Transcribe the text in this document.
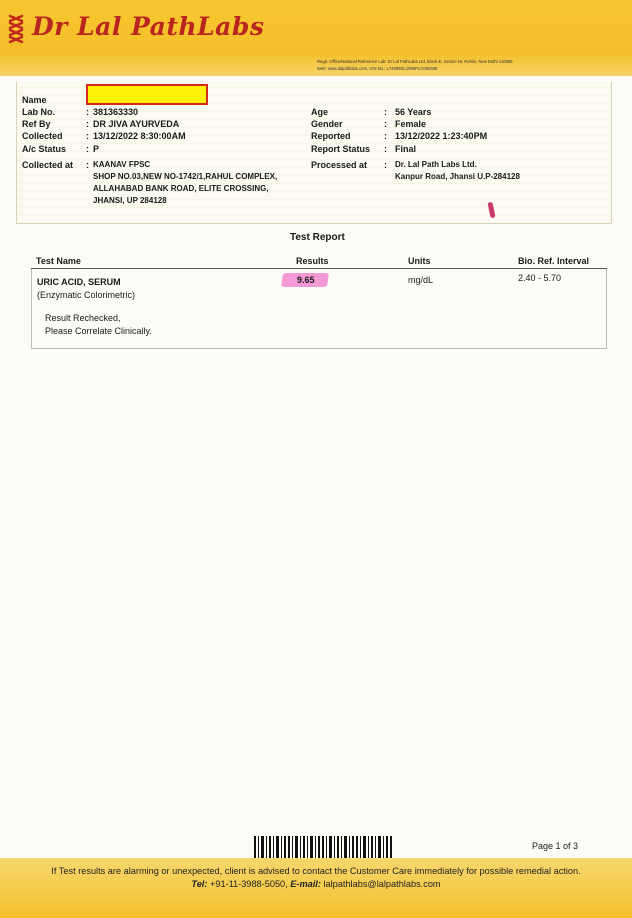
Dr Lal PathLabs
Regd. Office/National Reference Lab: Dr Lal PathLabs Ltd, Block-E, Sector-18, Rohini, New Delhi-110085
Web: www.lalpathlabs.com, CIN No.: L74899DL1995PLC065388
Name
Lab No.	: 381363330
Ref By	: DR JIVA AYURVEDA
Collected	: 13/12/2022 8:30:00AM
A/c Status : P
Collected at : KAANAV FPSC
SHOP NO.03,NEW NO-1742/1,RAHUL COMPLEX,
ALLAHABAD BANK ROAD, ELITE CROSSING,
JHANSI, UP 284128
Age	: 56 Years
Gender	: Female
Reported	: 13/12/2022 1:23:40PM
Report Status : Final
Processed at : Dr. Lal Path Labs Ltd.
Kanpur Road, Jhansi U.P-284128
Test Report
Test Name	Results	Units	Bio. Ref. Interval
URIC ACID, SERUM
(Enzymatic Colorimetric)
9.65	mg/dL	2.40 - 5.70
Result Rechecked,
Please Correlate Clinically.
Page 1 of 3
If Test results are alarming or unexpected, client is advised to contact the Customer Care immediately for possible remedial action.
Tel: +91-11-3988-5050, E-mail: lalpathlabs@lalpathlabs.com
